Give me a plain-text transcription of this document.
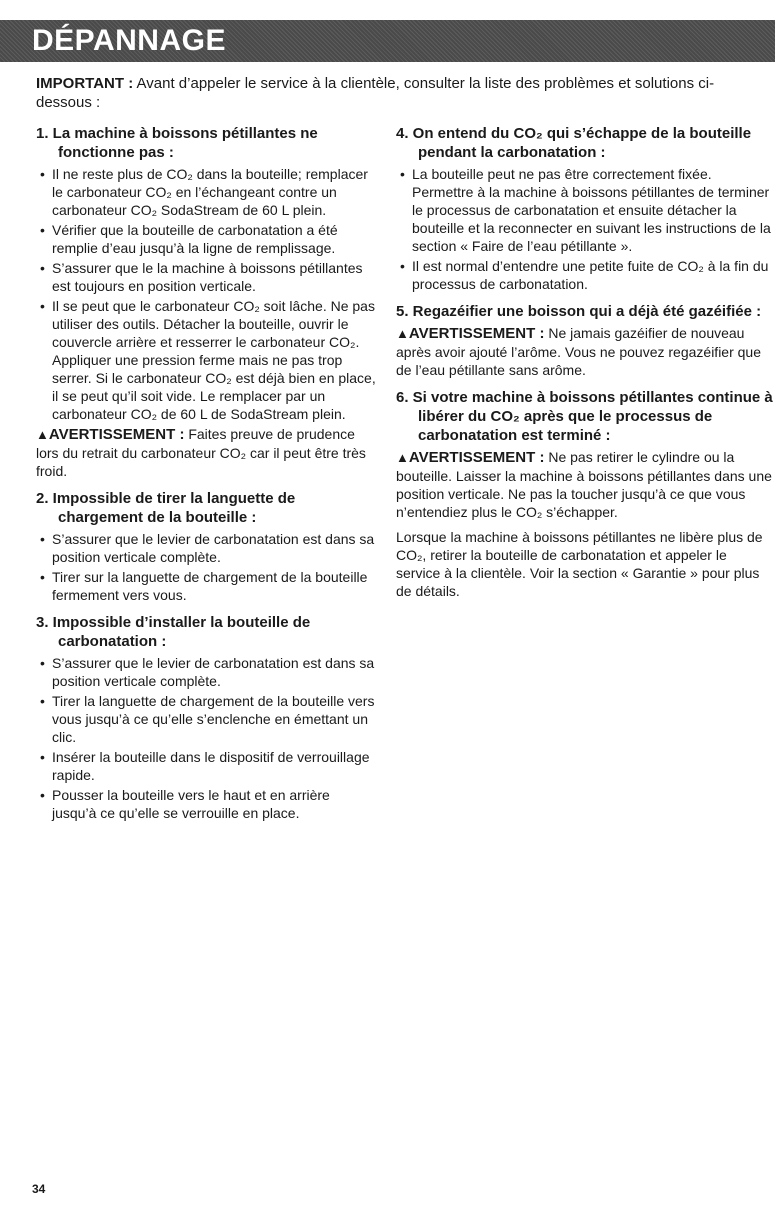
DÉPANNAGE

IMPORTANT : Avant d’appeler le service à la clientèle, consulter la liste des problèmes et solutions ci-dessous :

1. La machine à boissons pétillantes ne fonctionne pas :

• Il ne reste plus de CO₂ dans la bouteille; remplacer le carbonateur CO₂ en l’échangeant contre un carbonateur CO₂ SodaStream de 60 L plein.
• Vérifier que la bouteille de carbonatation a été remplie d’eau jusqu’à la ligne de remplissage.
• S’assurer que le la machine à boissons pétillantes est toujours en position verticale.
• Il se peut que le carbonateur CO₂ soit lâche. Ne pas utiliser des outils. Détacher la bouteille, ouvrir le couvercle arrière et resserrer le carbonateur CO₂. Appliquer une pression ferme mais ne pas trop serrer. Si le carbonateur CO₂ est déjà bien en place, il se peut qu’il soit vide. Le remplacer par un carbonateur CO₂ de 60 L de SodaStream plein.

▲AVERTISSEMENT : Faites preuve de prudence lors du retrait du carbonateur CO₂ car il peut être très froid.

2. Impossible de tirer la languette de chargement de la bouteille :

• S’assurer que le levier de carbonatation est dans sa position verticale complète.
• Tirer sur la languette de chargement de la bouteille fermement vers vous.

3. Impossible d’installer la bouteille de carbonatation :

• S’assurer que le levier de carbonatation est dans sa position verticale complète.
• Tirer la languette de chargement de la bouteille vers vous jusqu’à ce qu’elle s’enclenche en émettant un clic.
• Insérer la bouteille dans le dispositif de verrouillage rapide.
• Pousser la bouteille vers le haut et en arrière jusqu’à ce qu’elle se verrouille en place.

4. On entend du CO₂ qui s’échappe de la bouteille pendant la carbonatation :

• La bouteille peut ne pas être correctement fixée. Permettre à la machine à boissons pétillantes de terminer le processus de carbonatation et ensuite détacher la bouteille et la reconnecter en suivant les instructions de la section « Faire de l’eau pétillante ».
• Il est normal d’entendre une petite fuite de CO₂ à la fin du processus de carbonatation.

5. Regazéifier une boisson qui a déjà été gazéifiée :

▲AVERTISSEMENT : Ne jamais gazéifier de nouveau après avoir ajouté l’arôme. Vous ne pouvez regazéifier que de l’eau pétillante sans arôme.

6. Si votre machine à boissons pétillantes continue à libérer du CO₂ après que le processus de carbonatation est terminé :

▲AVERTISSEMENT : Ne pas retirer le cylindre ou la bouteille. Laisser la machine à boissons pétillantes dans une position verticale. Ne pas la toucher jusqu’à ce que vous n’entendiez plus le CO₂ s’échapper.

Lorsque la machine à boissons pétillantes ne libère plus de CO₂, retirer la bouteille de carbonatation et appeler le service à la clientèle. Voir la section « Garantie » pour plus de détails.

34
